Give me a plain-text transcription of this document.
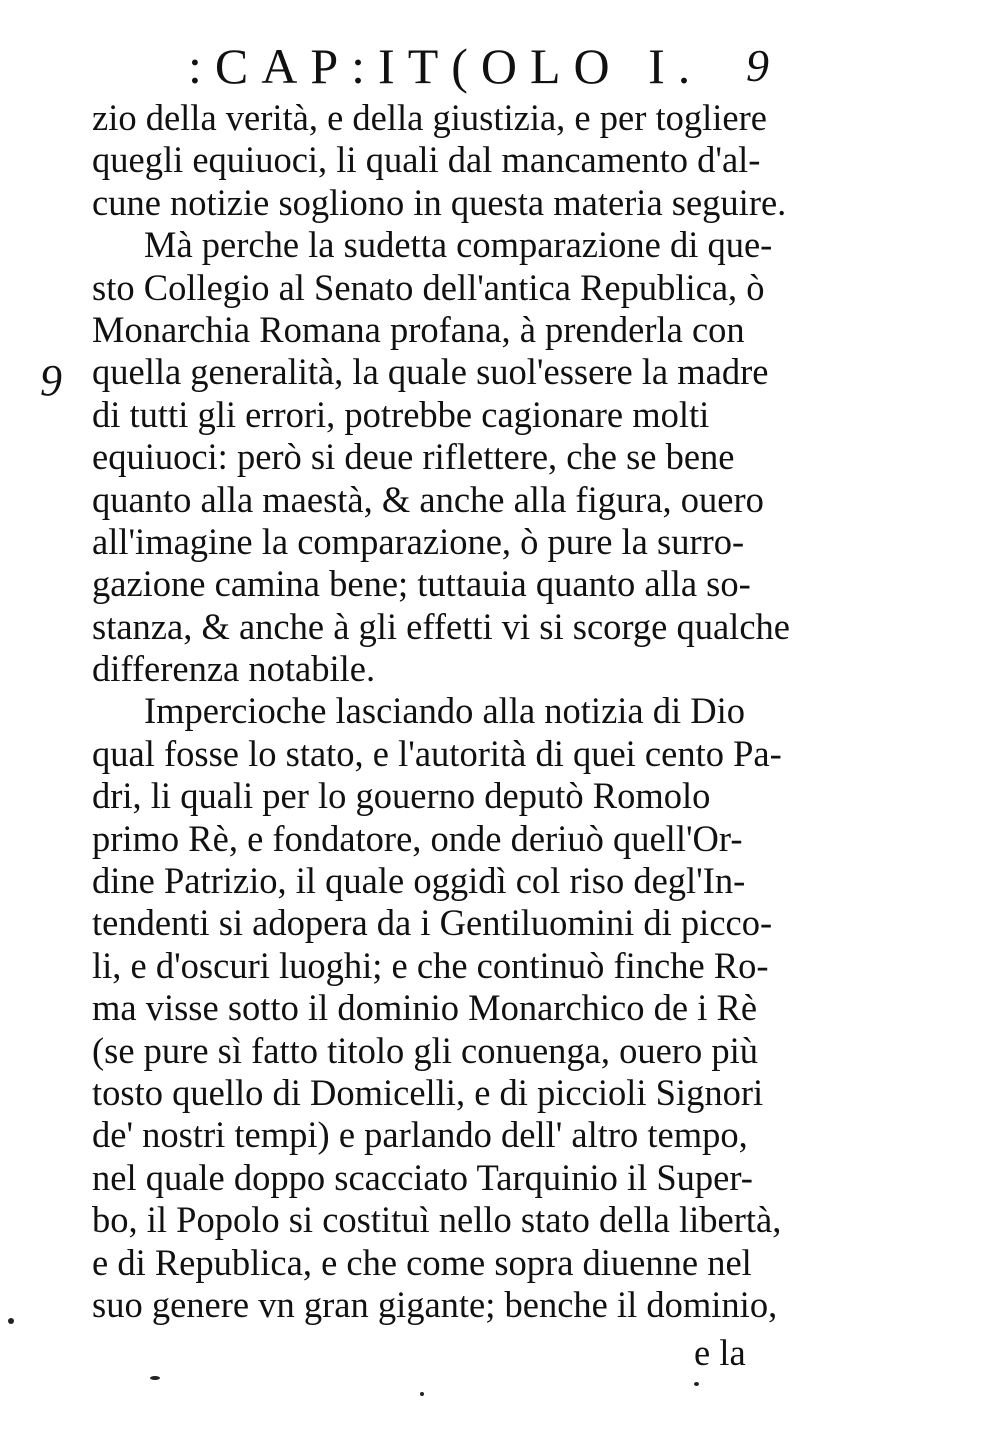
:CAP:IT(OLO I. 9
9
zio della verità, e della giustizia, e per togliere
quegli equiuoci, li quali dal mancamento d'al-
cune notizie sogliono in questa materia seguire.
Mà perche la sudetta comparazione di que-
sto Collegio al Senato dell'antica Republica, ò
Monarchia Romana profana, à prenderla con
quella generalità, la quale suol'essere la madre
di tutti gli errori, potrebbe cagionare molti
equiuoci: però si deue riflettere, che se bene
quanto alla maestà, & anche alla figura, ouero
all'imagine la comparazione, ò pure la surro-
gazione camina bene; tuttauia quanto alla so-
stanza, & anche à gli effetti vi si scorge qualche
differenza notabile.
Impercioche lasciando alla notizia di Dio
qual fosse lo stato, e l'autorità di quei cento Pa-
dri, li quali per lo gouerno deputò Romolo
primo Rè, e fondatore, onde deriuò quell'Or-
dine Patrizio, il quale oggidì col riso degl'In-
tendenti si adopera da i Gentiluomini di picco-
li, e d'oscuri luoghi; e che continuò finche Ro-
ma visse sotto il dominio Monarchico de i Rè
(se pure sì fatto titolo gli conuenga, ouero più
tosto quello di Domicelli, e di piccioli Signori
de' nostri tempi) e parlando dell' altro tempo,
nel quale doppo scacciato Tarquinio il Super-
bo, il Popolo si costituì nello stato della libertà,
e di Republica, e che come sopra diuenne nel
suo genere vn gran gigante; benche il dominio,
e la
